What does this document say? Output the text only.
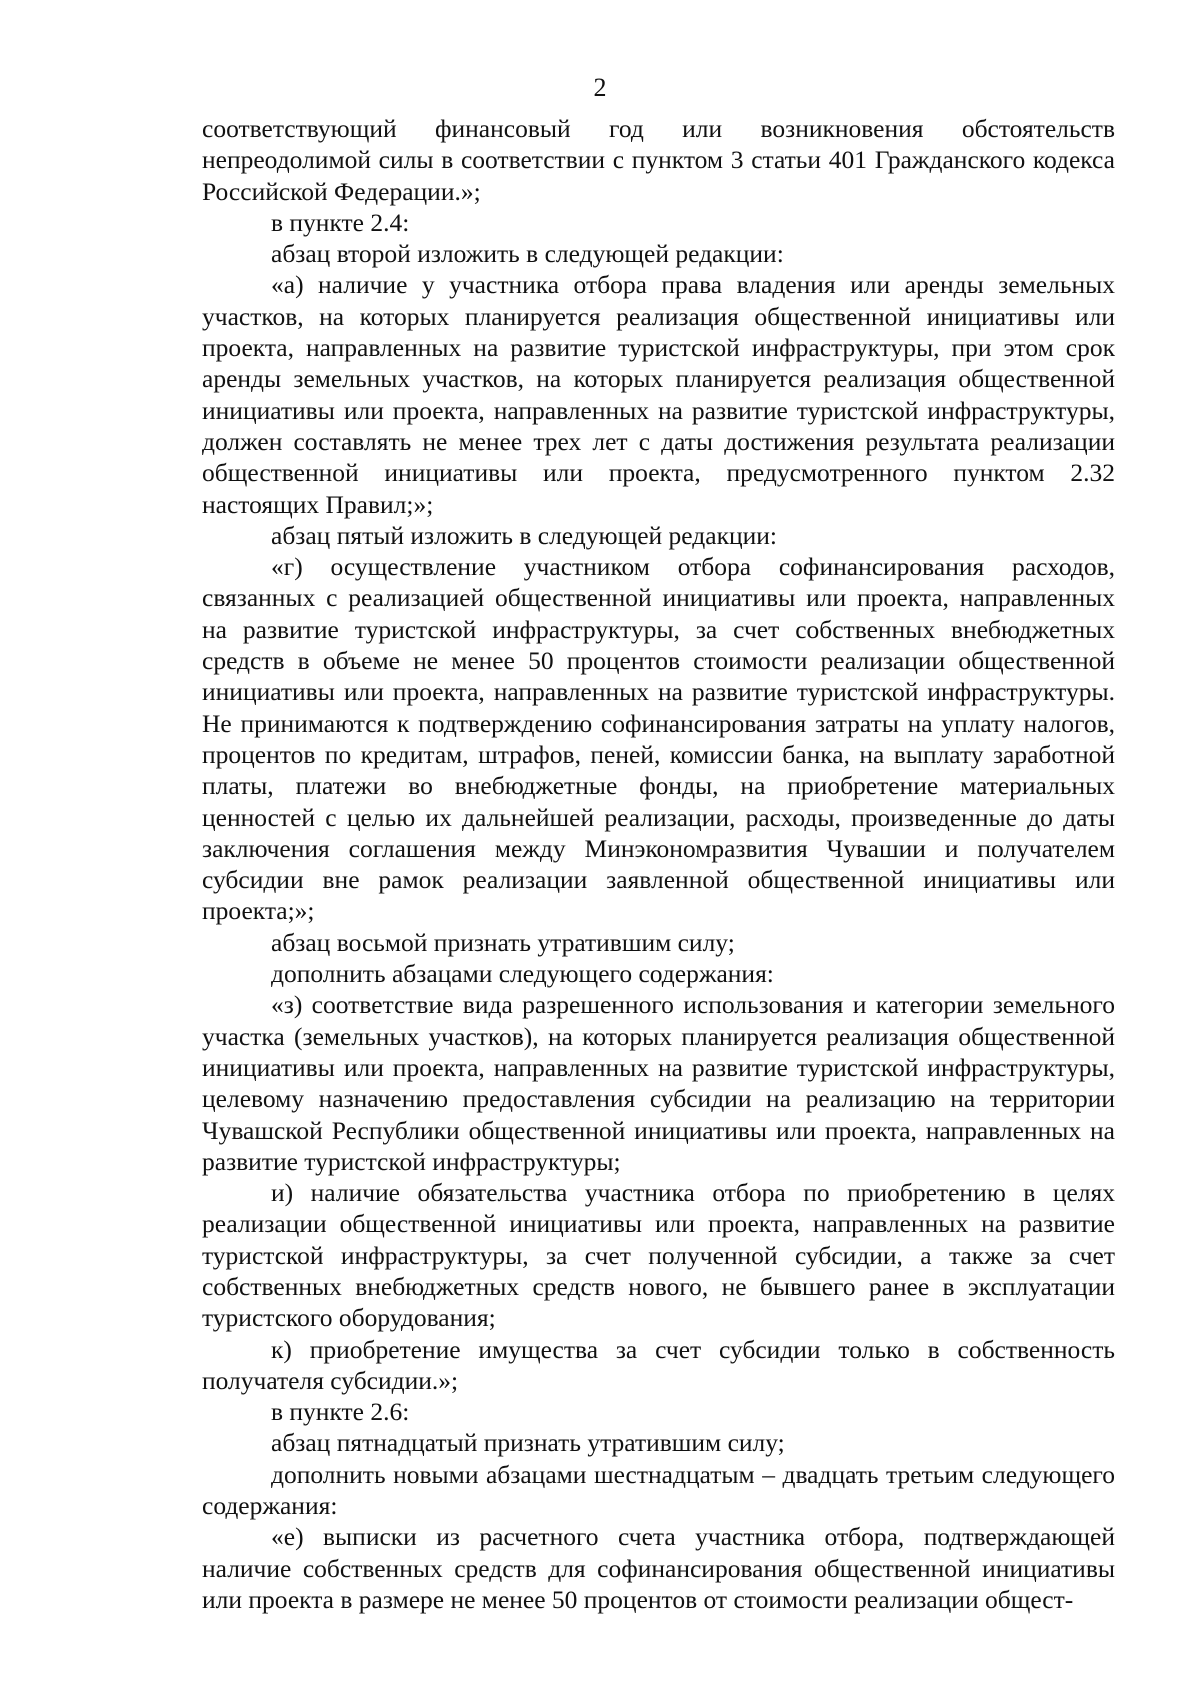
2

соответствующий финансовый год или возникновения обстоятельств непреодолимой силы в соответствии с пунктом 3 статьи 401 Гражданского кодекса Российской Федерации.»;

в пункте 2.4:

абзац второй изложить в следующей редакции:

«а) наличие у участника отбора права владения или аренды земельных участков, на которых планируется реализация общественной инициативы или проекта, направленных на развитие туристской инфраструктуры, при этом срок аренды земельных участков, на которых планируется реализация общественной инициативы или проекта, направленных на развитие туристской инфраструктуры, должен составлять не менее трех лет с даты достижения результата реализации общественной инициативы или проекта, предусмотренного пунктом 2.32 настоящих Правил;»;

абзац пятый изложить в следующей редакции:

«г) осуществление участником отбора софинансирования расходов, связанных с реализацией общественной инициативы или проекта, направленных на развитие туристской инфраструктуры, за счет собственных внебюджетных средств в объеме не менее 50 процентов стоимости реализации общественной инициативы или проекта, направленных на развитие туристской инфраструктуры. Не принимаются к подтверждению софинансирования затраты на уплату налогов, процентов по кредитам, штрафов, пеней, комиссии банка, на выплату заработной платы, платежи во внебюджетные фонды, на приобретение материальных ценностей с целью их дальнейшей реализации, расходы, произведенные до даты заключения соглашения между Минэкономразвития Чувашии и получателем субсидии вне рамок реализации заявленной общественной инициативы или проекта;»;

абзац восьмой признать утратившим силу;

дополнить абзацами следующего содержания:

«з) соответствие вида разрешенного использования и категории земельного участка (земельных участков), на которых планируется реализация общественной инициативы или проекта, направленных на развитие туристской инфраструктуры, целевому назначению предоставления субсидии на реализацию на территории Чувашской Республики общественной инициативы или проекта, направленных на развитие туристской инфраструктуры;

и) наличие обязательства участника отбора по приобретению в целях реализации общественной инициативы или проекта, направленных на развитие туристской инфраструктуры, за счет полученной субсидии, а также за счет собственных внебюджетных средств нового, не бывшего ранее в эксплуатации туристского оборудования;

к) приобретение имущества за счет субсидии только в собственность получателя субсидии.»;

в пункте 2.6:

абзац пятнадцатый признать утратившим силу;

дополнить новыми абзацами шестнадцатым – двадцать третьим следующего содержания:

«е) выписки из расчетного счета участника отбора, подтверждающей наличие собственных средств для софинансирования общественной инициативы или проекта в размере не менее 50 процентов от стоимости реализации общест-
